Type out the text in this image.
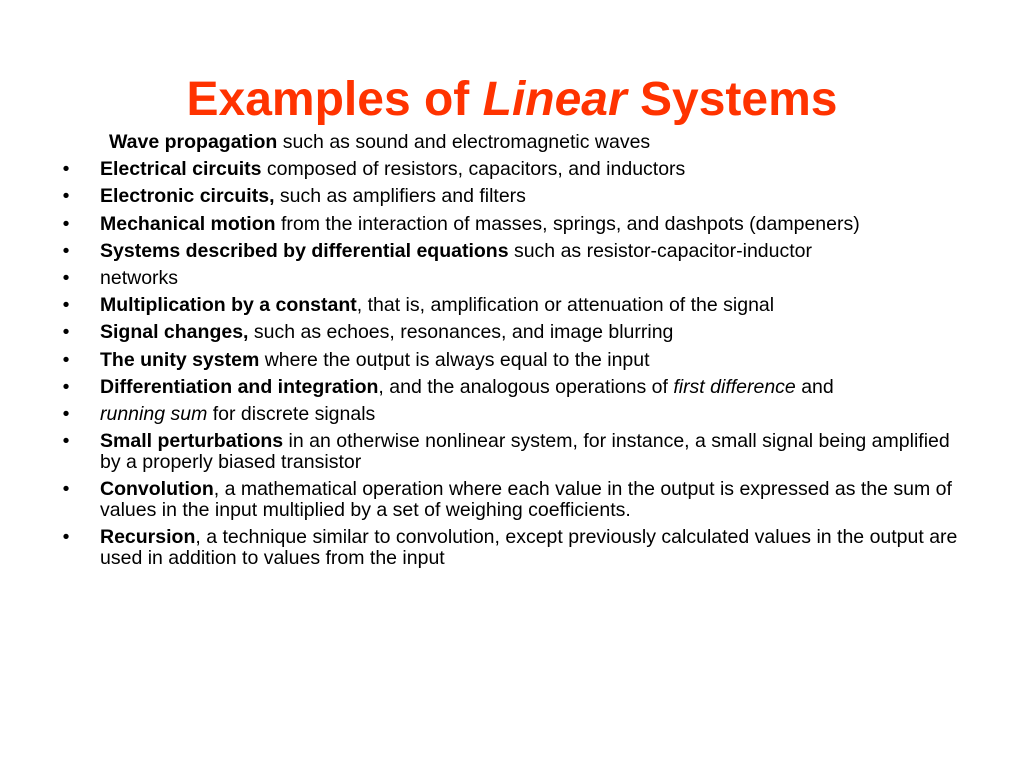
Examples of Linear Systems
Wave propagation such as sound and electromagnetic waves
•	Electrical circuits composed of resistors, capacitors, and inductors
•	Electronic circuits, such as amplifiers and filters
•	Mechanical motion from the interaction of masses, springs, and dashpots (dampeners)
•	Systems described by differential equations such as resistor-capacitor-inductor
•	networks
•	Multiplication by a constant, that is, amplification or attenuation of the signal
•	Signal changes, such as echoes, resonances, and image blurring
•	The unity system where the output is always equal to the input
•	Differentiation and integration, and the analogous operations of first difference and
•	running sum for discrete signals
•	Small perturbations in an otherwise nonlinear system, for instance, a small signal being amplified by a properly biased transistor
•	Convolution, a mathematical operation where each value in the output is expressed as the sum of values in the input multiplied by a set of weighing coefficients.
•	Recursion, a technique similar to convolution, except previously calculated values in the output are used in addition to values from the input
